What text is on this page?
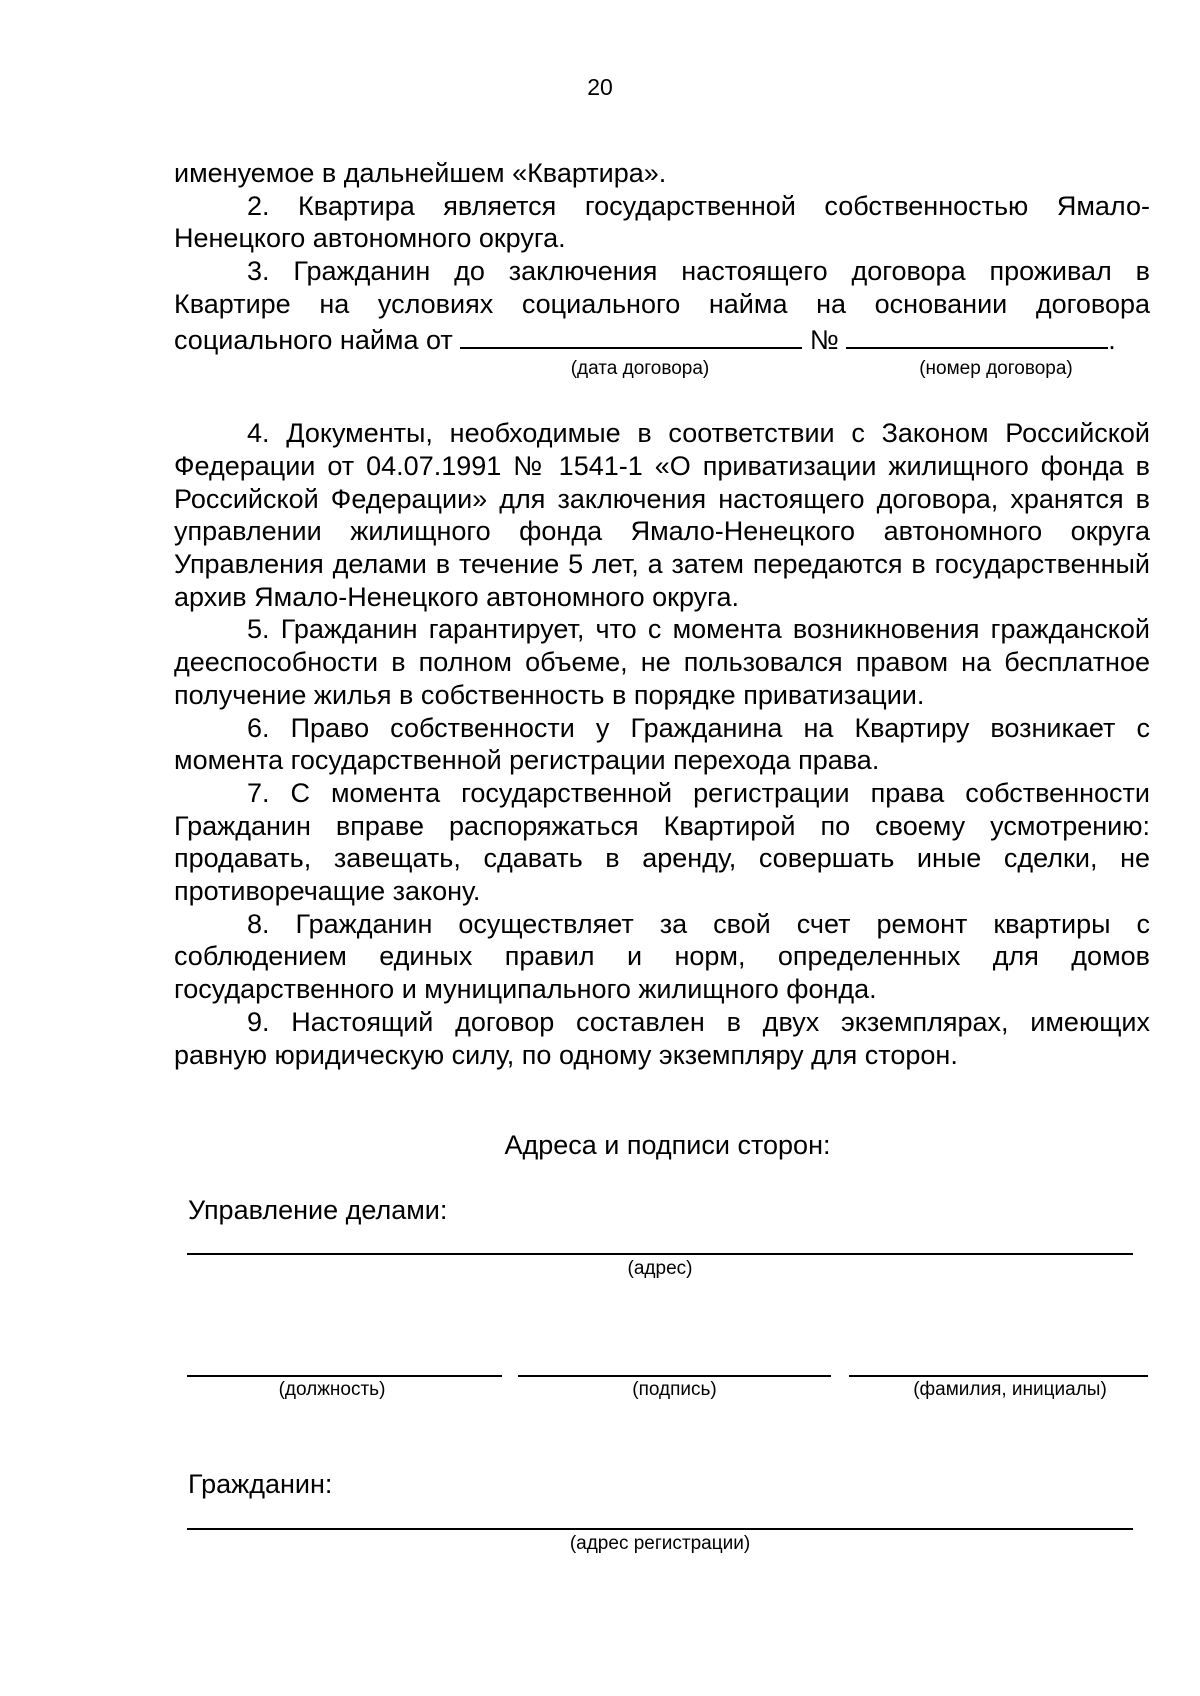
20

именуемое в дальнейшем «Квартира».

2. Квартира является государственной собственностью Ямало-Ненецкого автономного округа.

3. Гражданин до заключения настоящего договора проживал в Квартире на условиях социального найма на основании договора

социального найма от	№	.

(дата договора)	(номер договора)

4. Документы, необходимые в соответствии с Законом Российской Федерации от 04.07.1991 № 1541-1 «О приватизации жилищного фонда в Российской Федерации» для заключения настоящего договора, хранятся в управлении жилищного фонда Ямало-Ненецкого автономного округа Управления делами в течение 5 лет, а затем передаются в государственный архив Ямало-Ненецкого автономного округа.

5. Гражданин гарантирует, что с момента возникновения гражданской дееспособности в полном объеме, не пользовался правом на бесплатное получение жилья в собственность в порядке приватизации.

6. Право собственности у Гражданина на Квартиру возникает с момента государственной регистрации перехода права.

7. С момента государственной регистрации права собственности Гражданин вправе распоряжаться Квартирой по своему усмотрению: продавать, завещать, сдавать в аренду, совершать иные сделки, не противоречащие закону.

8. Гражданин осуществляет за свой счет ремонт квартиры с соблюдением единых правил и норм, определенных для домов государственного и муниципального жилищного фонда.

9. Настоящий договор составлен в двух экземплярах, имеющих равную юридическую силу, по одному экземпляру для сторон.

Адреса и подписи сторон:
Управление делами:
(адрес)
(должность)	(подпись)	(фамилия, инициалы)
Гражданин:
(адрес регистрации)
